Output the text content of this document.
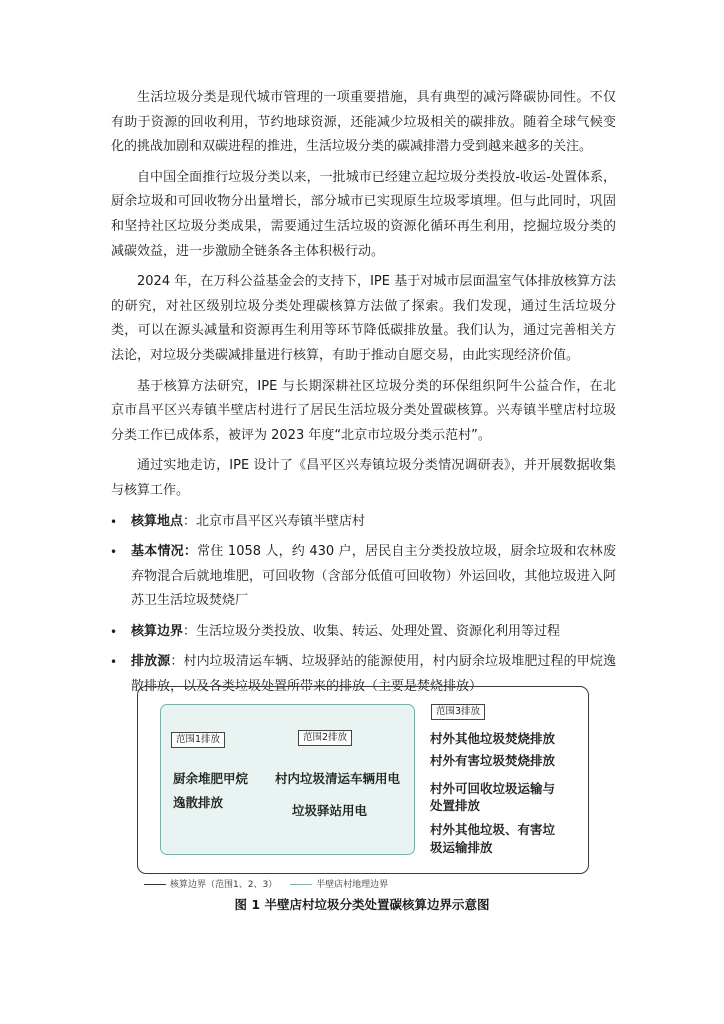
生活垃圾分类是现代城市管理的一项重要措施，具有典型的减污降碳协同性。不仅有助于资源的回收利用，节约地球资源，还能减少垃圾相关的碳排放。随着全球气候变化的挑战加剧和双碳进程的推进，生活垃圾分类的碳减排潜力受到越来越多的关注。

自中国全面推行垃圾分类以来，一批城市已经建立起垃圾分类投放-收运-处置体系，厨余垃圾和可回收物分出量增长，部分城市已实现原生垃圾零填埋。但与此同时，巩固和坚持社区垃圾分类成果，需要通过生活垃圾的资源化循环再生利用，挖掘垃圾分类的减碳效益，进一步激励全链条各主体积极行动。

2024 年，在万科公益基金会的支持下，IPE 基于对城市层面温室气体排放核算方法的研究，对社区级别垃圾分类处理碳核算方法做了探索。我们发现，通过生活垃圾分类，可以在源头减量和资源再生利用等环节降低碳排放量。我们认为，通过完善相关方法论，对垃圾分类碳减排量进行核算，有助于推动自愿交易，由此实现经济价值。

基于核算方法研究，IPE 与长期深耕社区垃圾分类的环保组织阿牛公益合作，在北京市昌平区兴寿镇半壁店村进行了居民生活垃圾分类处置碳核算。兴寿镇半壁店村垃圾分类工作已成体系，被评为 2023 年度“北京市垃圾分类示范村”。

通过实地走访，IPE 设计了《昌平区兴寿镇垃圾分类情况调研表》，并开展数据收集与核算工作。

• 核算地点：北京市昌平区兴寿镇半壁店村
• 基本情况：常住 1058 人，约 430 户，居民自主分类投放垃圾，厨余垃圾和农林废弃物混合后就地堆肥，可回收物（含部分低值可回收物）外运回收，其他垃圾进入阿苏卫生活垃圾焚烧厂
• 核算边界：生活垃圾分类投放、收集、转运、处理处置、资源化利用等过程
• 排放源：村内垃圾清运车辆、垃圾驿站的能源使用，村内厨余垃圾堆肥过程的甲烷逸散排放，以及各类垃圾处置所带来的排放（主要是焚烧排放）
范围1排放
厨余堆肥甲烷
逸散排放
范围2排放
村内垃圾清运车辆用电
垃圾驿站用电
范围3排放
村外其他垃圾焚烧排放
村外有害垃圾焚烧排放
村外可回收垃圾运输与
处置排放
村外其他垃圾、有害垃
圾运输排放
核算边界（范围1、2、3）	半壁店村地理边界
图 1 半壁店村垃圾分类处置碳核算边界示意图
